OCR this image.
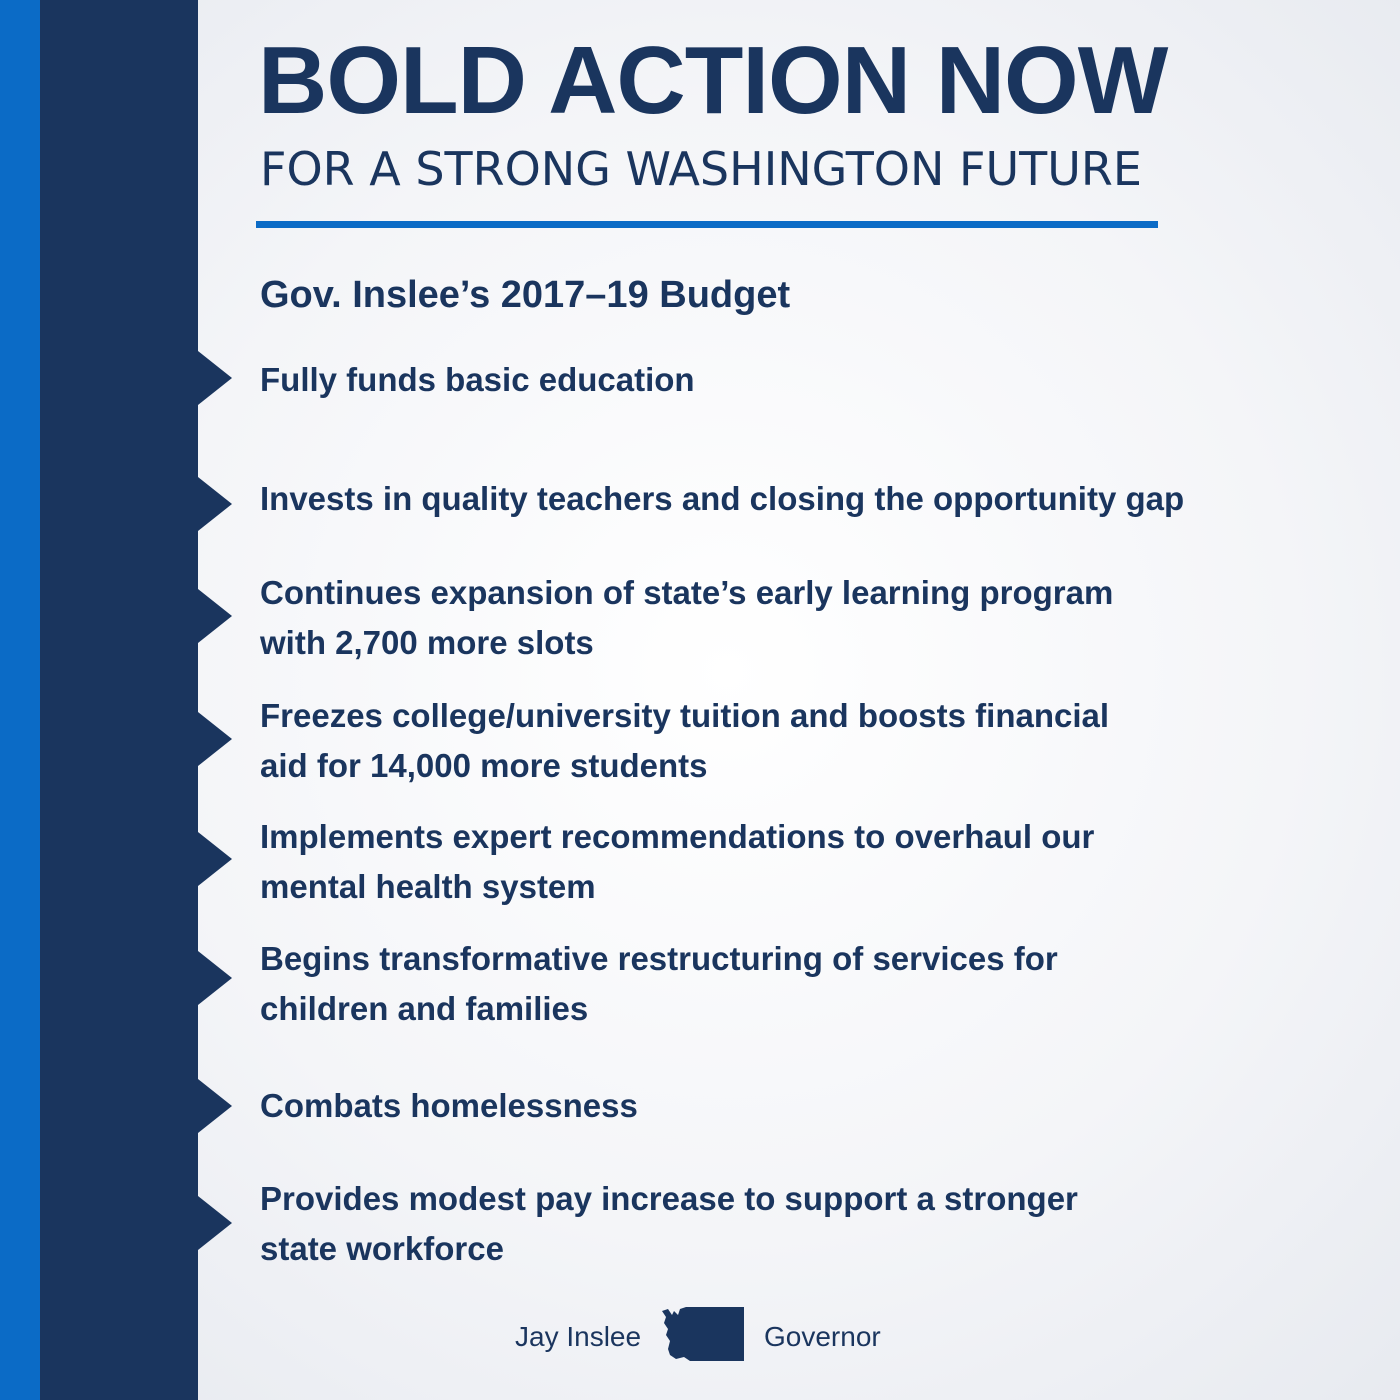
BOLD ACTION NOW
FOR A STRONG WASHINGTON FUTURE
Gov. Inslee’s 2017–19 Budget
Fully funds basic education
Invests in quality teachers and closing the opportunity gap
Continues expansion of state’s early learning program
with 2,700 more slots
Freezes college/university tuition and boosts financial
aid for 14,000 more students
Implements expert recommendations to overhaul our
mental health system
Begins transformative restructuring of services for
children and families
Combats homelessness
Provides modest pay increase to support a stronger
state workforce
Jay Inslee	Governor
